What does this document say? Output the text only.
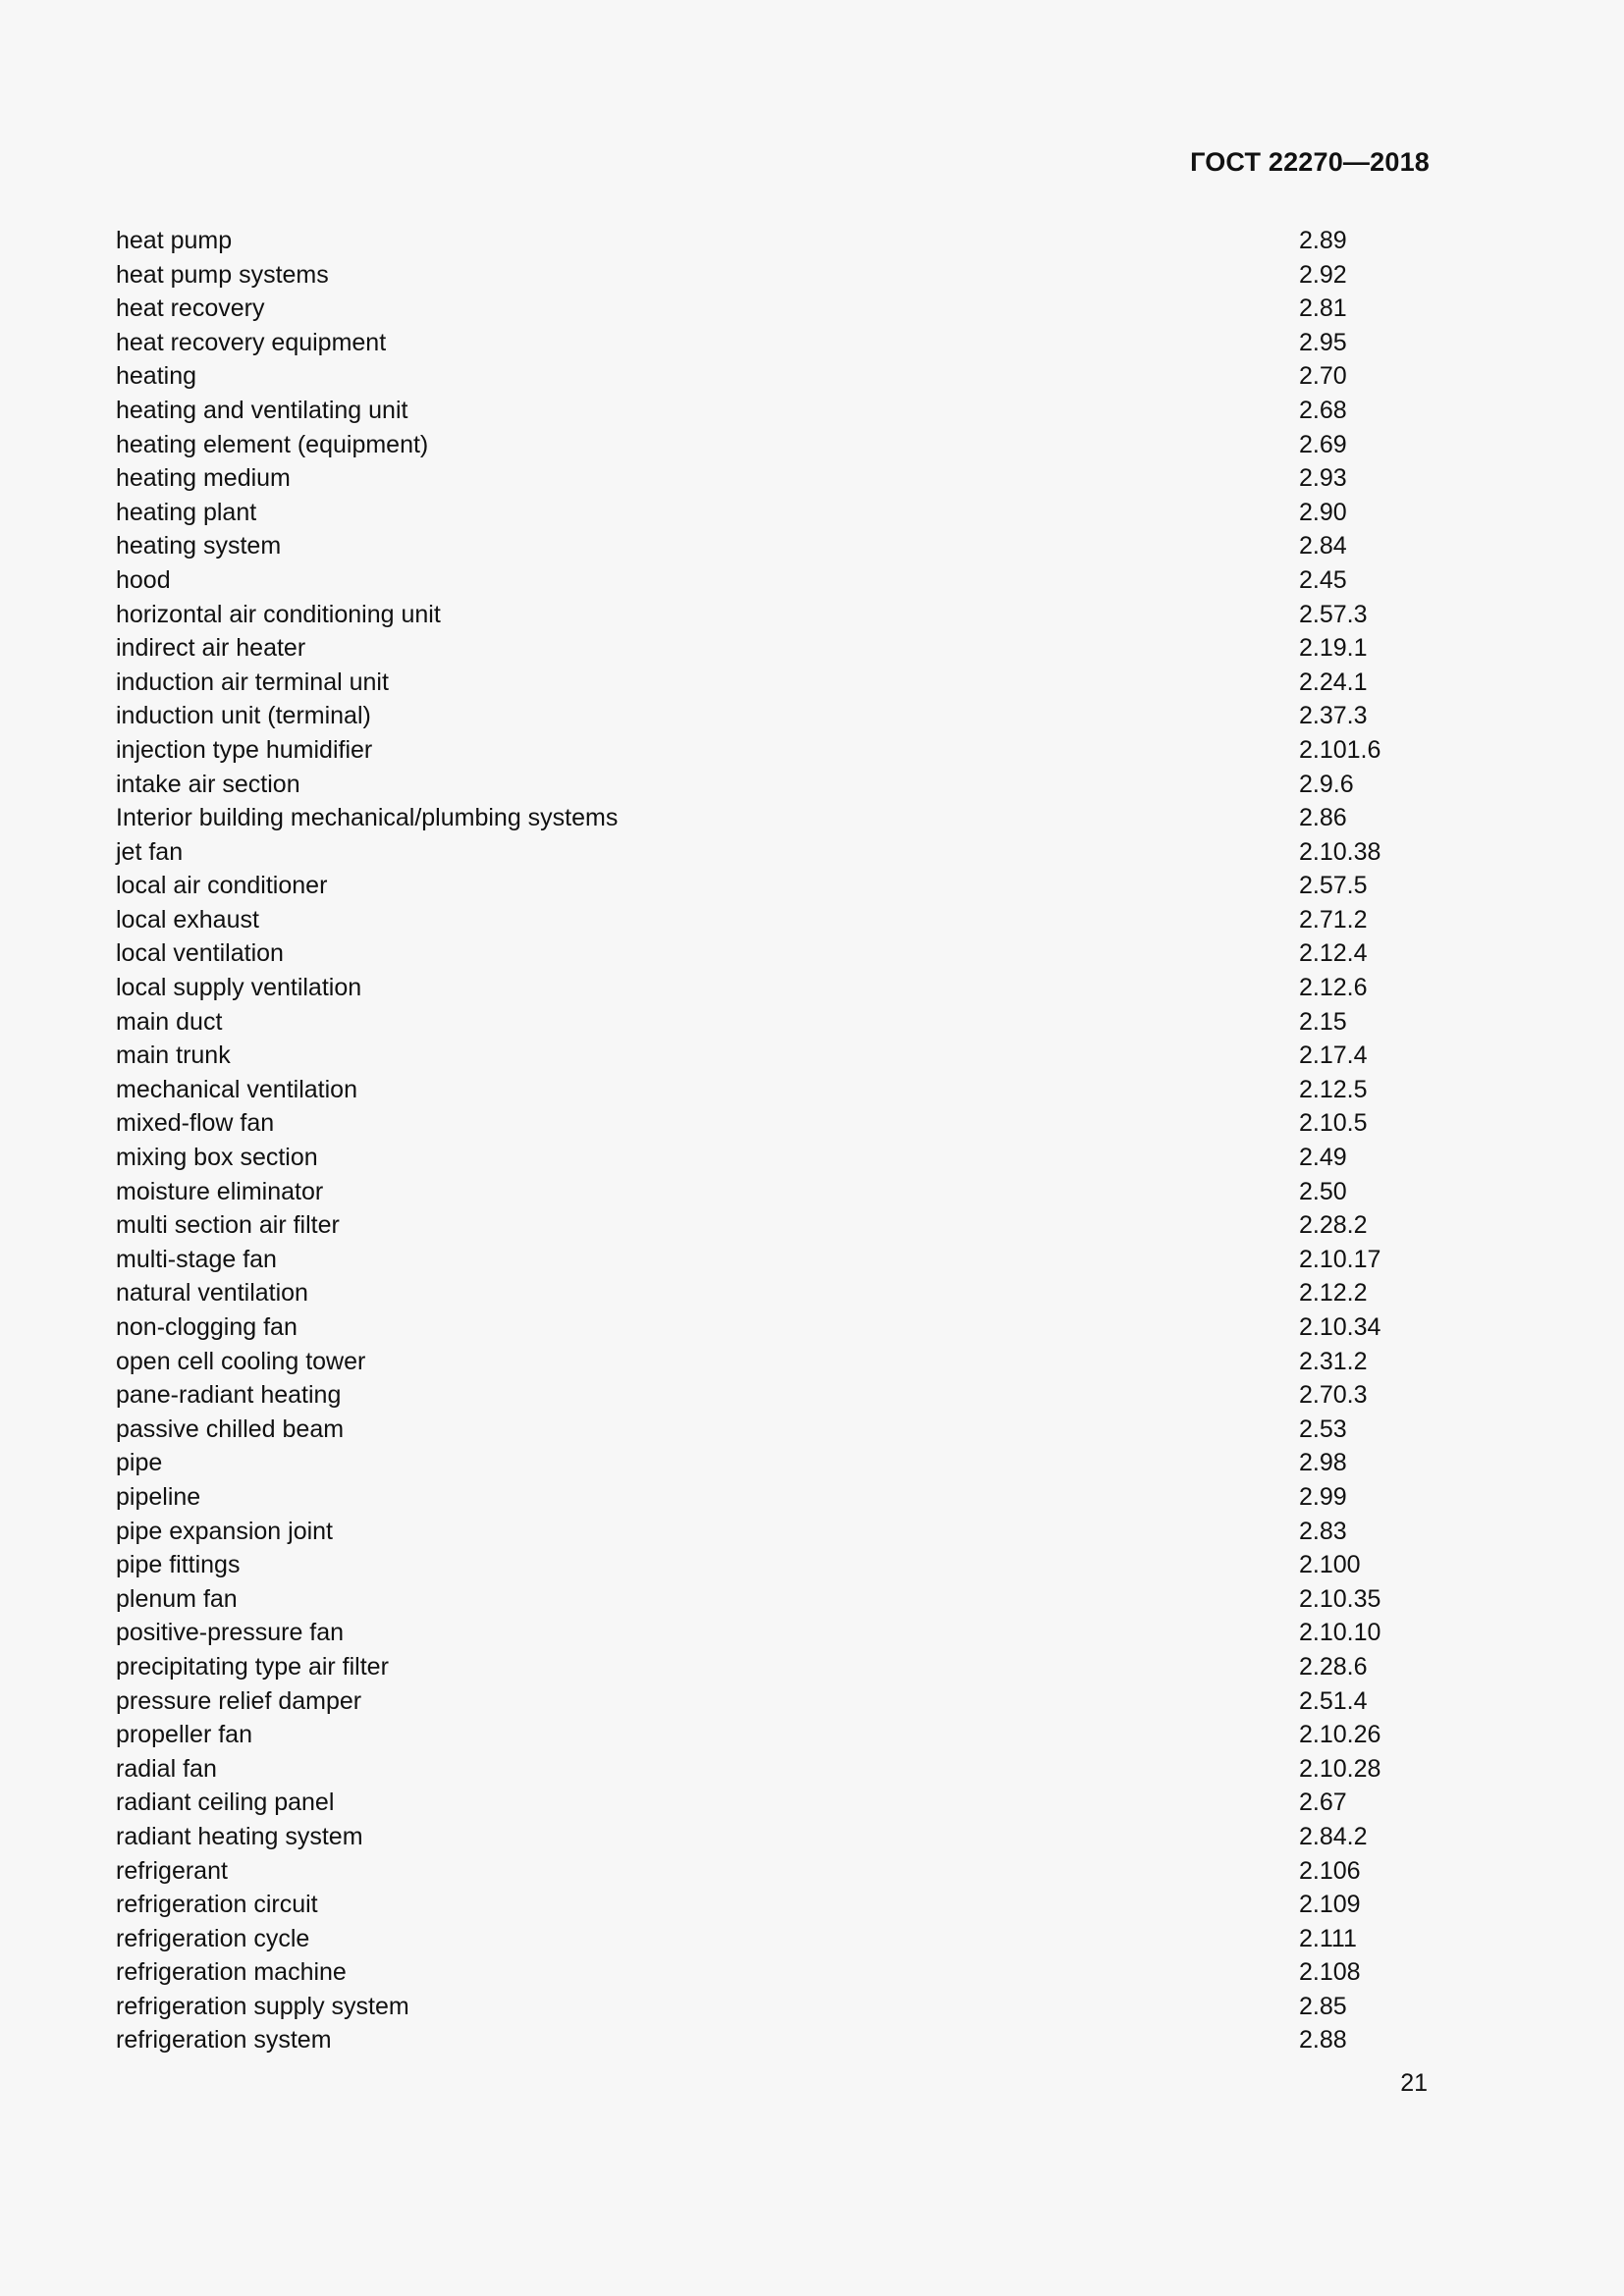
ГОСТ 22270—2018
heat pump	2.89
heat pump systems	2.92
heat recovery	2.81
heat recovery equipment	2.95
heating	2.70
heating and ventilating unit	2.68
heating element (equipment)	2.69
heating medium	2.93
heating plant	2.90
heating system	2.84
hood	2.45
horizontal air conditioning unit	2.57.3
indirect air heater	2.19.1
induction air terminal unit	2.24.1
induction unit (terminal)	2.37.3
injection type humidifier	2.101.6
intake air section	2.9.6
Interior building mechanical/plumbing systems	2.86
jet fan	2.10.38
local air conditioner	2.57.5
local exhaust	2.71.2
local ventilation	2.12.4
local supply ventilation	2.12.6
main duct	2.15
main trunk	2.17.4
mechanical ventilation	2.12.5
mixed-flow fan	2.10.5
mixing box section	2.49
moisture eliminator	2.50
multi section air filter	2.28.2
multi-stage fan	2.10.17
natural ventilation	2.12.2
non-clogging fan	2.10.34
open cell cooling tower	2.31.2
pane-radiant heating	2.70.3
passive chilled beam	2.53
pipe	2.98
pipeline	2.99
pipe expansion joint	2.83
pipe fittings	2.100
plenum fan	2.10.35
positive-pressure fan	2.10.10
precipitating type air filter	2.28.6
pressure relief damper	2.51.4
propeller fan	2.10.26
radial fan	2.10.28
radiant ceiling panel	2.67
radiant heating system	2.84.2
refrigerant	2.106
refrigeration circuit	2.109
refrigeration cycle	2.111
refrigeration machine	2.108
refrigeration supply system	2.85
refrigeration system	2.88
21
